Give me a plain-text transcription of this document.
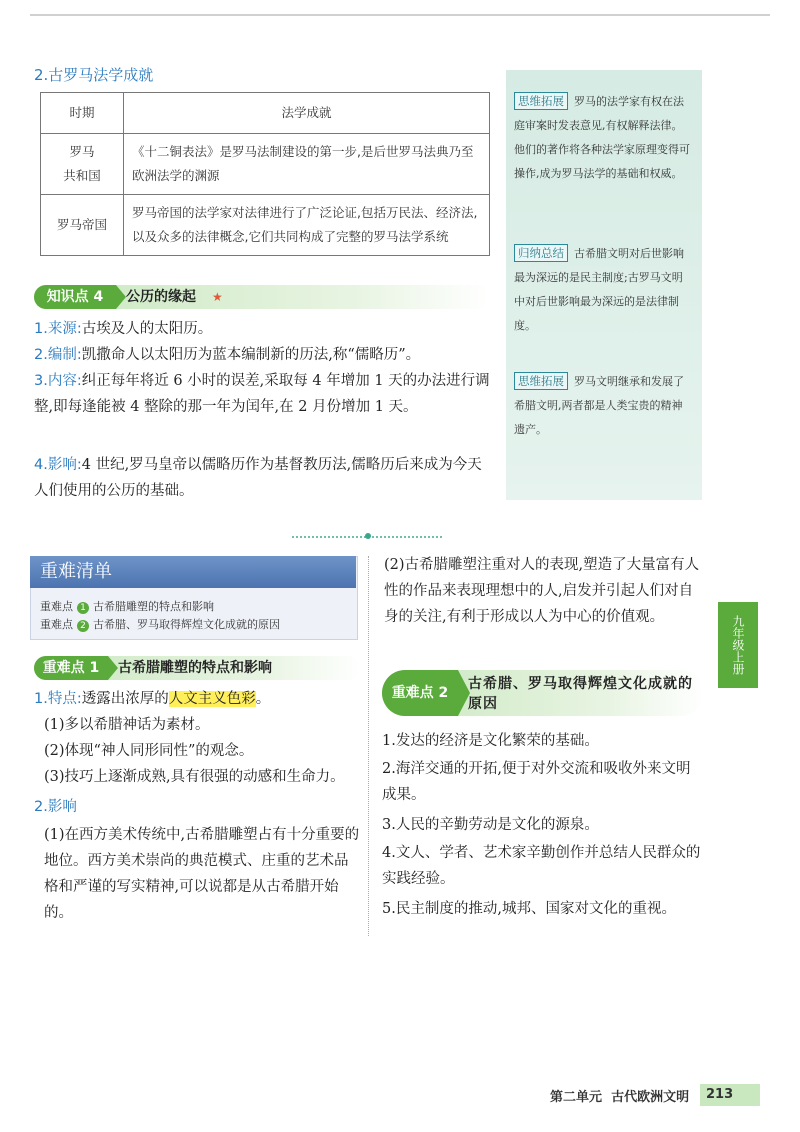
2.古罗马法学成就
时期	法学成就

罗马
共和国	《十二铜表法》是罗马法制建设的第一步,是后世罗马法典乃至欧洲法学的渊源
罗马帝国	罗马帝国的法学家对法律进行了广泛论证,包括万民法、经济法,以及众多的法律概念,它们共同构成了完整的罗马法学系统
思维拓展 罗马的法学家有权在法庭审案时发表意见,有权解释法律。他们的著作将各种法学家原理变得可操作,成为罗马法学的基础和权威。
归纳总结 古希腊文明对后世影响最为深远的是民主制度;古罗马文明中对后世影响最为深远的是法律制度。
思维拓展 罗马文明继承和发展了希腊文明,两者都是人类宝贵的精神遗产。
知识点 4	公历的缘起 ★
1.来源:古埃及人的太阳历。
2.编制:凯撒命人以太阳历为蓝本编制新的历法,称“儒略历”。
3.内容:纠正每年将近 6 小时的误差,采取每 4 年增加 1 天的办法进行调整,即每逢能被 4 整除的那一年为闰年,在 2 月份增加 1 天。
4.影响:4 世纪,罗马皇帝以儒略历作为基督教历法,儒略历后来成为今天人们使用的公历的基础。
重难清单
重难点 1 古希腊雕塑的特点和影响
重难点 2 古希腊、罗马取得辉煌文化成就的原因
重难点 1	古希腊雕塑的特点和影响
1.特点:透露出浓厚的人文主义色彩。
(1)多以希腊神话为素材。
(2)体现“神人同形同性”的观念。
(3)技巧上逐渐成熟,具有很强的动感和生命力。
2.影响
(1)在西方美术传统中,古希腊雕塑占有十分重要的地位。西方美术崇尚的典范模式、庄重的艺术品格和严谨的写实精神,可以说都是从古希腊开始的。
(2)古希腊雕塑注重对人的表现,塑造了大量富有人性的作品来表现理想中的人,启发并引起人们对自身的关注,有利于形成以人为中心的价值观。
重难点 2
古希腊、罗马取得辉煌文化成就的原因
1.发达的经济是文化繁荣的基础。
2.海洋交通的开拓,便于对外交流和吸收外来文明成果。
3.人民的辛勤劳动是文化的源泉。
4.文人、学者、艺术家辛勤创作并总结人民群众的实践经验。
5.民主制度的推动,城邦、国家对文化的重视。
九年级上册
第二单元 古代欧洲文明	213
